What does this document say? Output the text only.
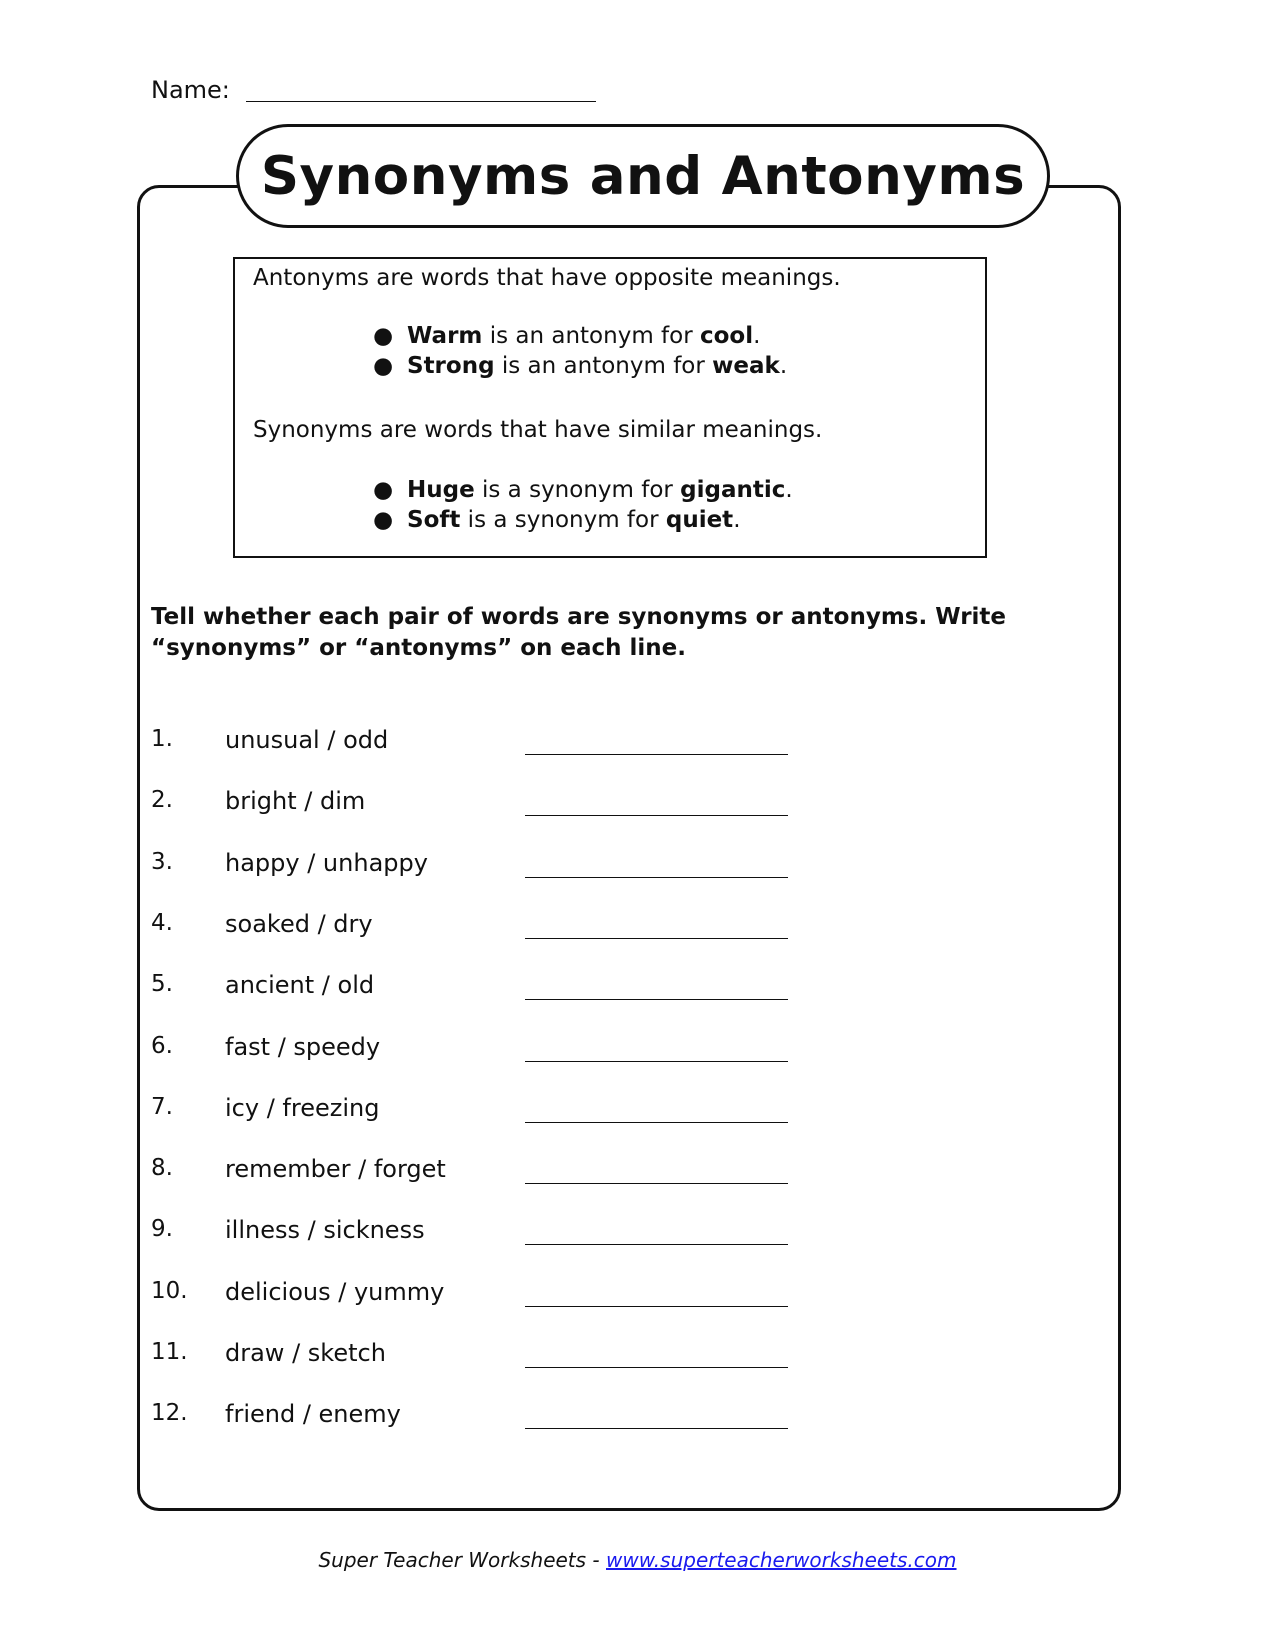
Name:
Synonyms and Antonyms
Antonyms are words that have opposite meanings.
● Warm is an antonym for cool.
● Strong is an antonym for weak.
Synonyms are words that have similar meanings.
● Huge is a synonym for gigantic.
● Soft is a synonym for quiet.
Tell whether each pair of words are synonyms or antonyms. Write “synonyms” or “antonyms” on each line.
1. unusual / odd
2. bright / dim
3. happy / unhappy
4. soaked / dry
5. ancient / old
6. fast / speedy
7. icy / freezing
8. remember / forget
9. illness / sickness
10. delicious / yummy
11. draw / sketch
12. friend / enemy
Super Teacher Worksheets - www.superteacherworksheets.com
